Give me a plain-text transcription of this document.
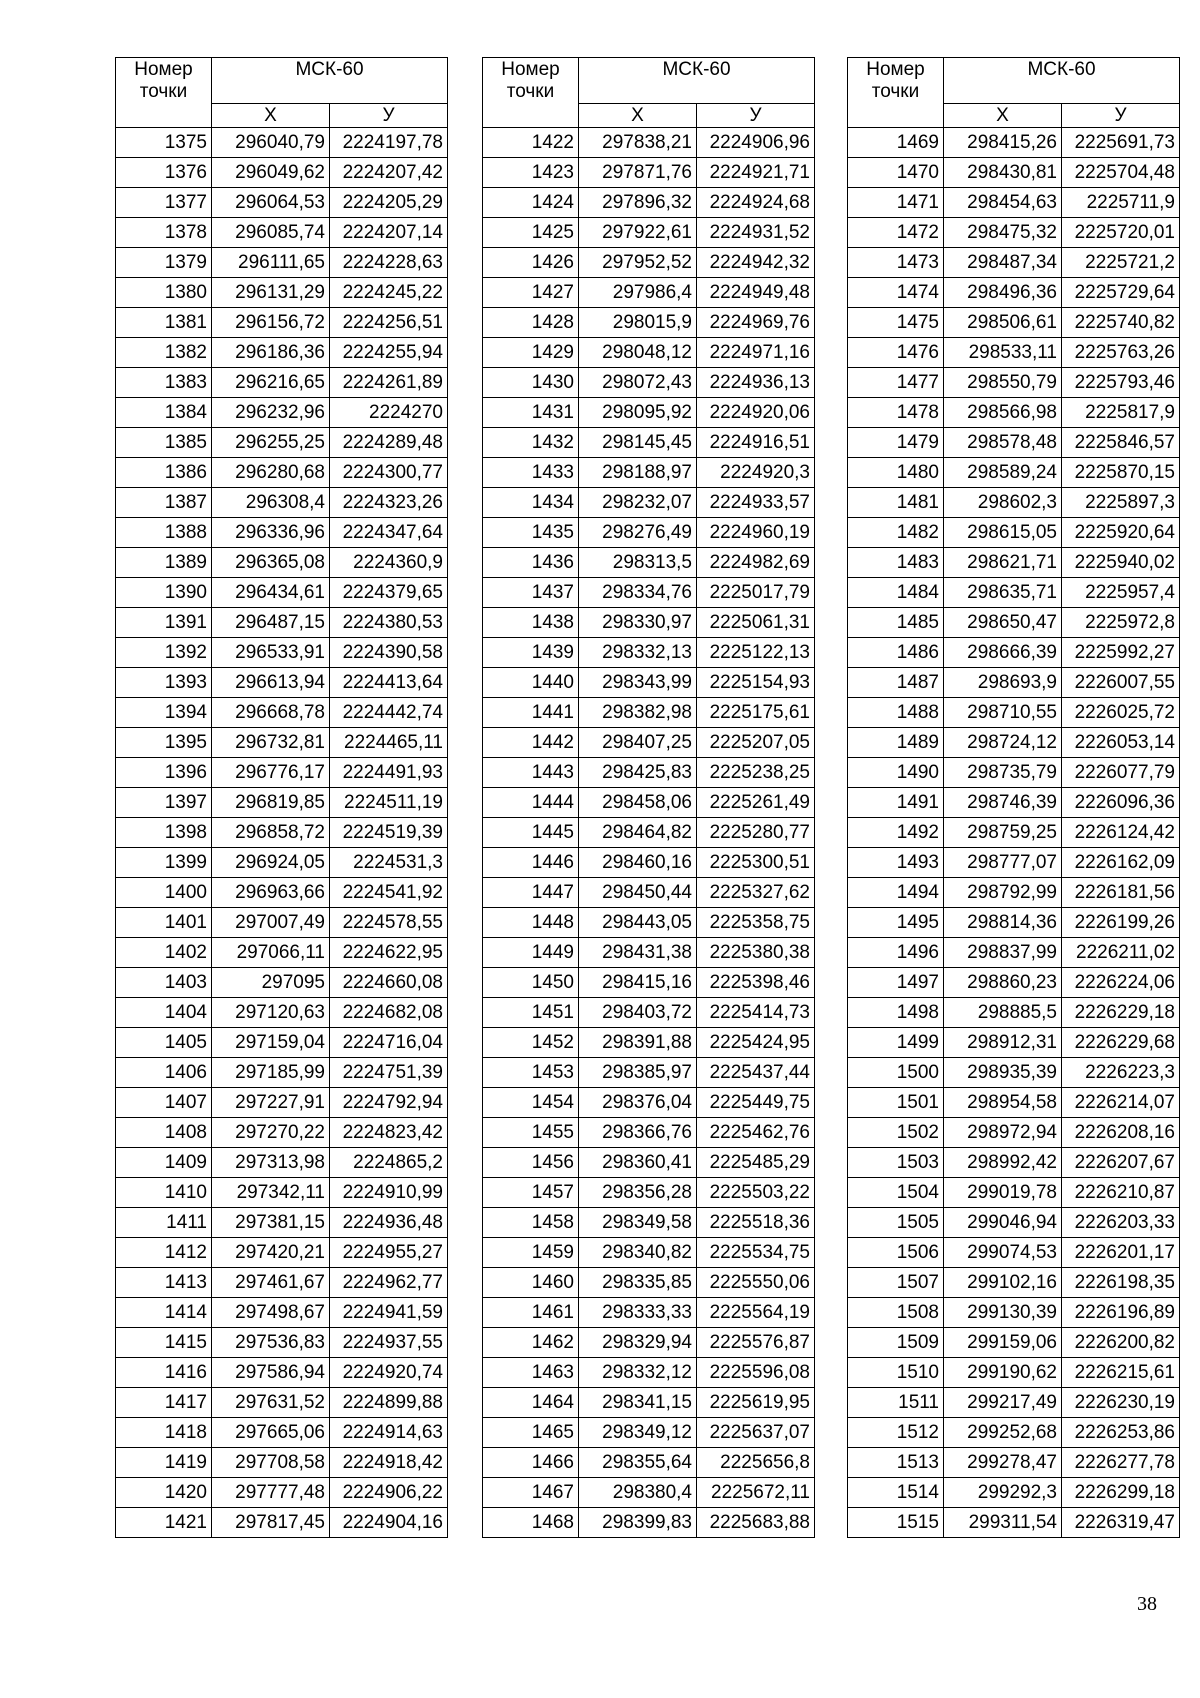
Номер точки	МСК-60	
	Х	У
1375	296040,79	2224197,78
1376	296049,62	2224207,42
1377	296064,53	2224205,29
1378	296085,74	2224207,14
1379	296111,65	2224228,63
1380	296131,29	2224245,22
1381	296156,72	2224256,51
1382	296186,36	2224255,94
1383	296216,65	2224261,89
1384	296232,96	2224270
1385	296255,25	2224289,48
1386	296280,68	2224300,77
1387	296308,4	2224323,26
1388	296336,96	2224347,64
1389	296365,08	2224360,9
1390	296434,61	2224379,65
1391	296487,15	2224380,53
1392	296533,91	2224390,58
1393	296613,94	2224413,64
1394	296668,78	2224442,74
1395	296732,81	2224465,11
1396	296776,17	2224491,93
1397	296819,85	2224511,19
1398	296858,72	2224519,39
1399	296924,05	2224531,3
1400	296963,66	2224541,92
1401	297007,49	2224578,55
1402	297066,11	2224622,95
1403	297095	2224660,08
1404	297120,63	2224682,08
1405	297159,04	2224716,04
1406	297185,99	2224751,39
1407	297227,91	2224792,94
1408	297270,22	2224823,42
1409	297313,98	2224865,2
1410	297342,11	2224910,99
1411	297381,15	2224936,48
1412	297420,21	2224955,27
1413	297461,67	2224962,77
1414	297498,67	2224941,59
1415	297536,83	2224937,55
1416	297586,94	2224920,74
1417	297631,52	2224899,88
1418	297665,06	2224914,63
1419	297708,58	2224918,42
1420	297777,48	2224906,22
1421	297817,45	2224904,16
Номер точки	МСК-60	
	Х	У
1422	297838,21	2224906,96
1423	297871,76	2224921,71
1424	297896,32	2224924,68
1425	297922,61	2224931,52
1426	297952,52	2224942,32
1427	297986,4	2224949,48
1428	298015,9	2224969,76
1429	298048,12	2224971,16
1430	298072,43	2224936,13
1431	298095,92	2224920,06
1432	298145,45	2224916,51
1433	298188,97	2224920,3
1434	298232,07	2224933,57
1435	298276,49	2224960,19
1436	298313,5	2224982,69
1437	298334,76	2225017,79
1438	298330,97	2225061,31
1439	298332,13	2225122,13
1440	298343,99	2225154,93
1441	298382,98	2225175,61
1442	298407,25	2225207,05
1443	298425,83	2225238,25
1444	298458,06	2225261,49
1445	298464,82	2225280,77
1446	298460,16	2225300,51
1447	298450,44	2225327,62
1448	298443,05	2225358,75
1449	298431,38	2225380,38
1450	298415,16	2225398,46
1451	298403,72	2225414,73
1452	298391,88	2225424,95
1453	298385,97	2225437,44
1454	298376,04	2225449,75
1455	298366,76	2225462,76
1456	298360,41	2225485,29
1457	298356,28	2225503,22
1458	298349,58	2225518,36
1459	298340,82	2225534,75
1460	298335,85	2225550,06
1461	298333,33	2225564,19
1462	298329,94	2225576,87
1463	298332,12	2225596,08
1464	298341,15	2225619,95
1465	298349,12	2225637,07
1466	298355,64	2225656,8
1467	298380,4	2225672,11
1468	298399,83	2225683,88
Номер точки	МСК-60	
	Х	У
1469	298415,26	2225691,73
1470	298430,81	2225704,48
1471	298454,63	2225711,9
1472	298475,32	2225720,01
1473	298487,34	2225721,2
1474	298496,36	2225729,64
1475	298506,61	2225740,82
1476	298533,11	2225763,26
1477	298550,79	2225793,46
1478	298566,98	2225817,9
1479	298578,48	2225846,57
1480	298589,24	2225870,15
1481	298602,3	2225897,3
1482	298615,05	2225920,64
1483	298621,71	2225940,02
1484	298635,71	2225957,4
1485	298650,47	2225972,8
1486	298666,39	2225992,27
1487	298693,9	2226007,55
1488	298710,55	2226025,72
1489	298724,12	2226053,14
1490	298735,79	2226077,79
1491	298746,39	2226096,36
1492	298759,25	2226124,42
1493	298777,07	2226162,09
1494	298792,99	2226181,56
1495	298814,36	2226199,26
1496	298837,99	2226211,02
1497	298860,23	2226224,06
1498	298885,5	2226229,18
1499	298912,31	2226229,68
1500	298935,39	2226223,3
1501	298954,58	2226214,07
1502	298972,94	2226208,16
1503	298992,42	2226207,67
1504	299019,78	2226210,87
1505	299046,94	2226203,33
1506	299074,53	2226201,17
1507	299102,16	2226198,35
1508	299130,39	2226196,89
1509	299159,06	2226200,82
1510	299190,62	2226215,61
1511	299217,49	2226230,19
1512	299252,68	2226253,86
1513	299278,47	2226277,78
1514	299292,3	2226299,18
1515	299311,54	2226319,47
38
